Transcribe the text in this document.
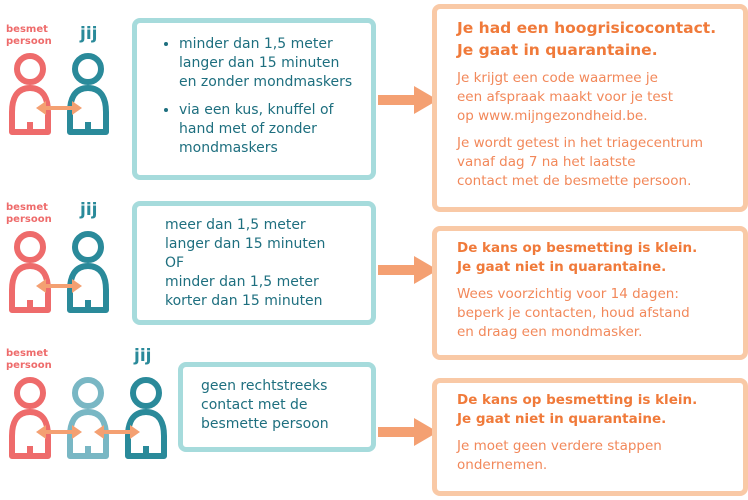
besmet
persoon jij
•	minder dan 1,5 meter
langer dan 15 minuten
en zonder mondmaskers
• via een kus, knuffel of
hand met of zonder
mondmaskers
Je had een hoogrisicocontact.
Je gaat in quarantaine.
Je krijgt een code waarmee je
een afspraak maakt voor je test
op www.mijngezondheid.be.
Je wordt getest in het triagecentrum
vanaf dag 7 na het laatste
contact met de besmette persoon.
besmet
persoon jij
meer dan 1,5 meter
langer dan 15 minuten
OF
minder dan 1,5 meter
korter dan 15 minuten
De kans op besmetting is klein.
Je gaat niet in quarantaine.
Wees voorzichtig voor 14 dagen:
beperk je contacten, houd afstand
en draag een mondmasker.
besmet
persoon	jij
geen rechtstreeks
contact met de
besmette persoon
De kans op besmetting is klein.
Je gaat niet in quarantaine.
Je moet geen verdere stappen
ondernemen.
